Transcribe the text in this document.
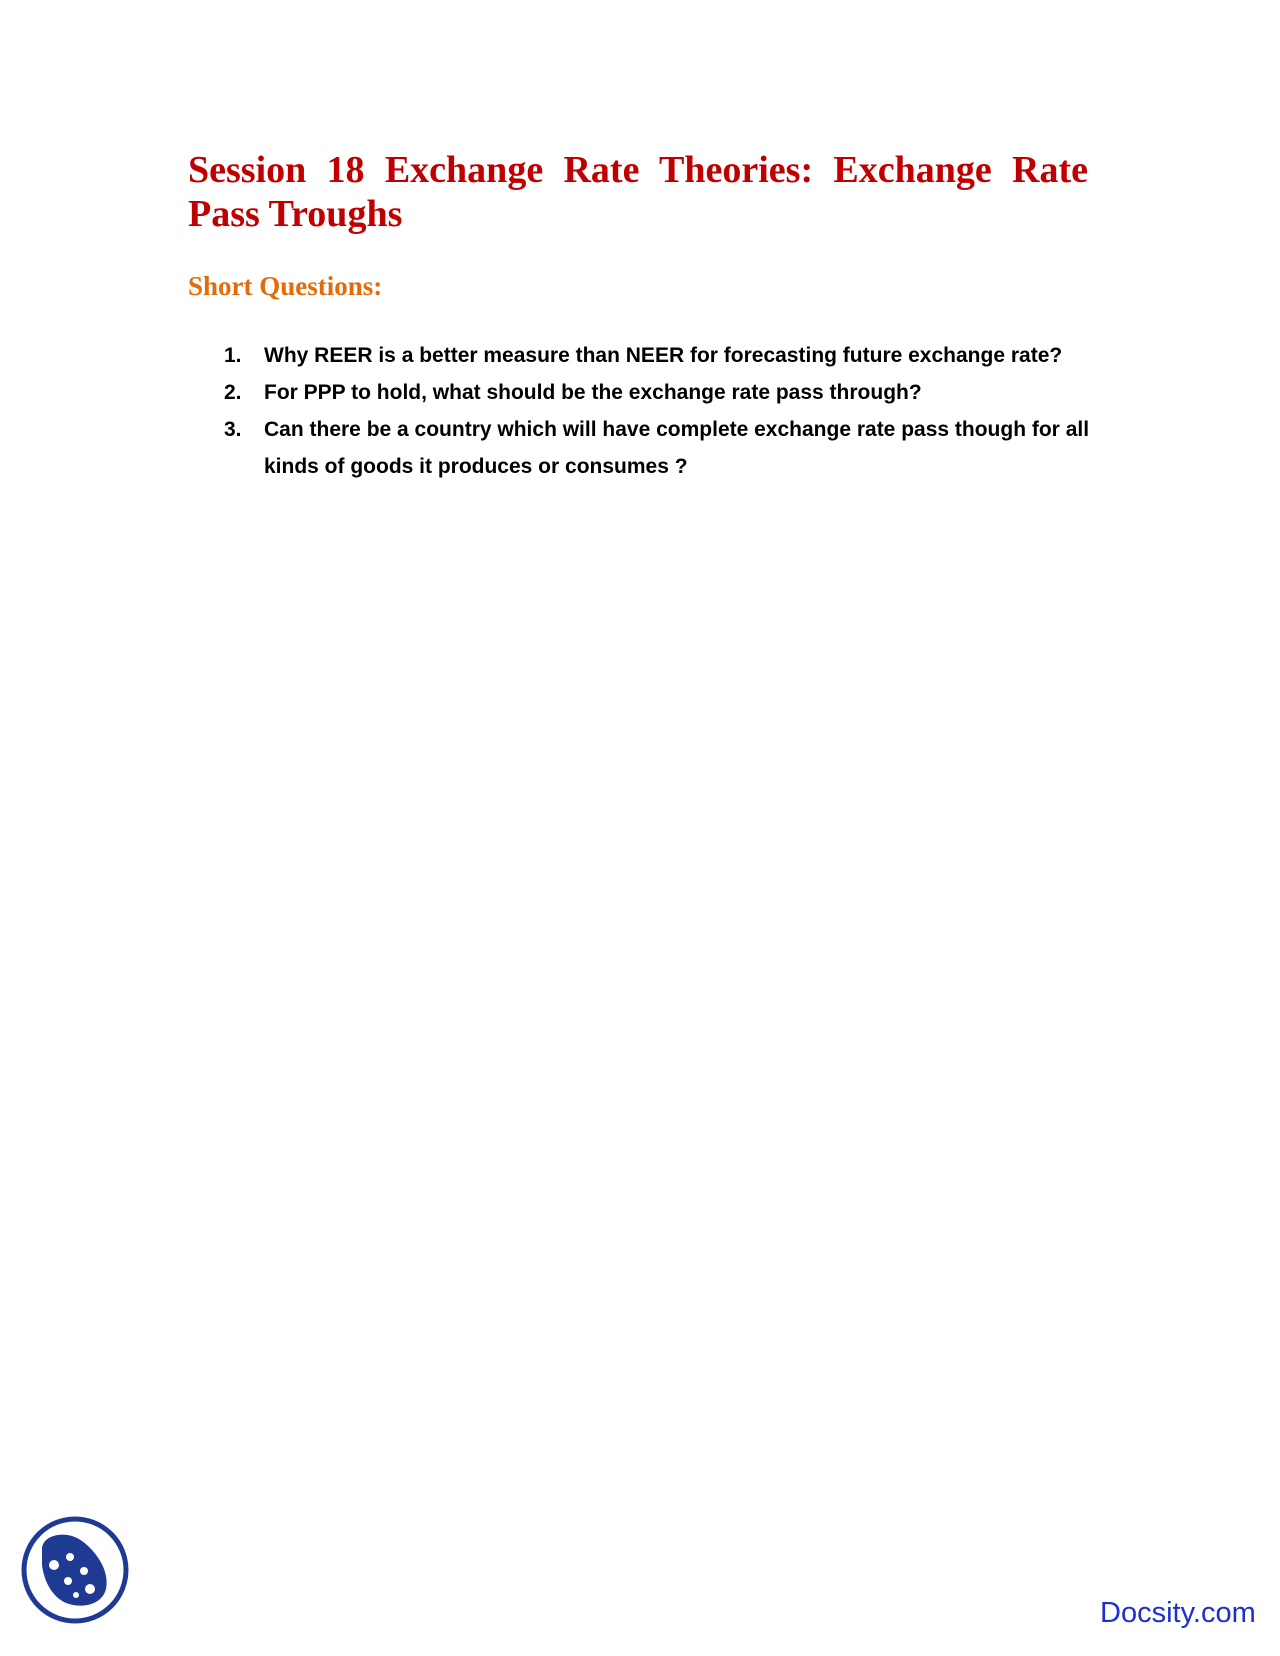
Session 18 Exchange Rate Theories: Exchange Rate Pass Troughs
Short Questions:
1. Why REER is a better measure than NEER for forecasting future exchange rate?
2. For PPP to hold, what should be the exchange rate pass through?
3. Can there be a country which will have complete exchange rate pass though for all kinds of goods it produces or consumes ?
Docsity.com
